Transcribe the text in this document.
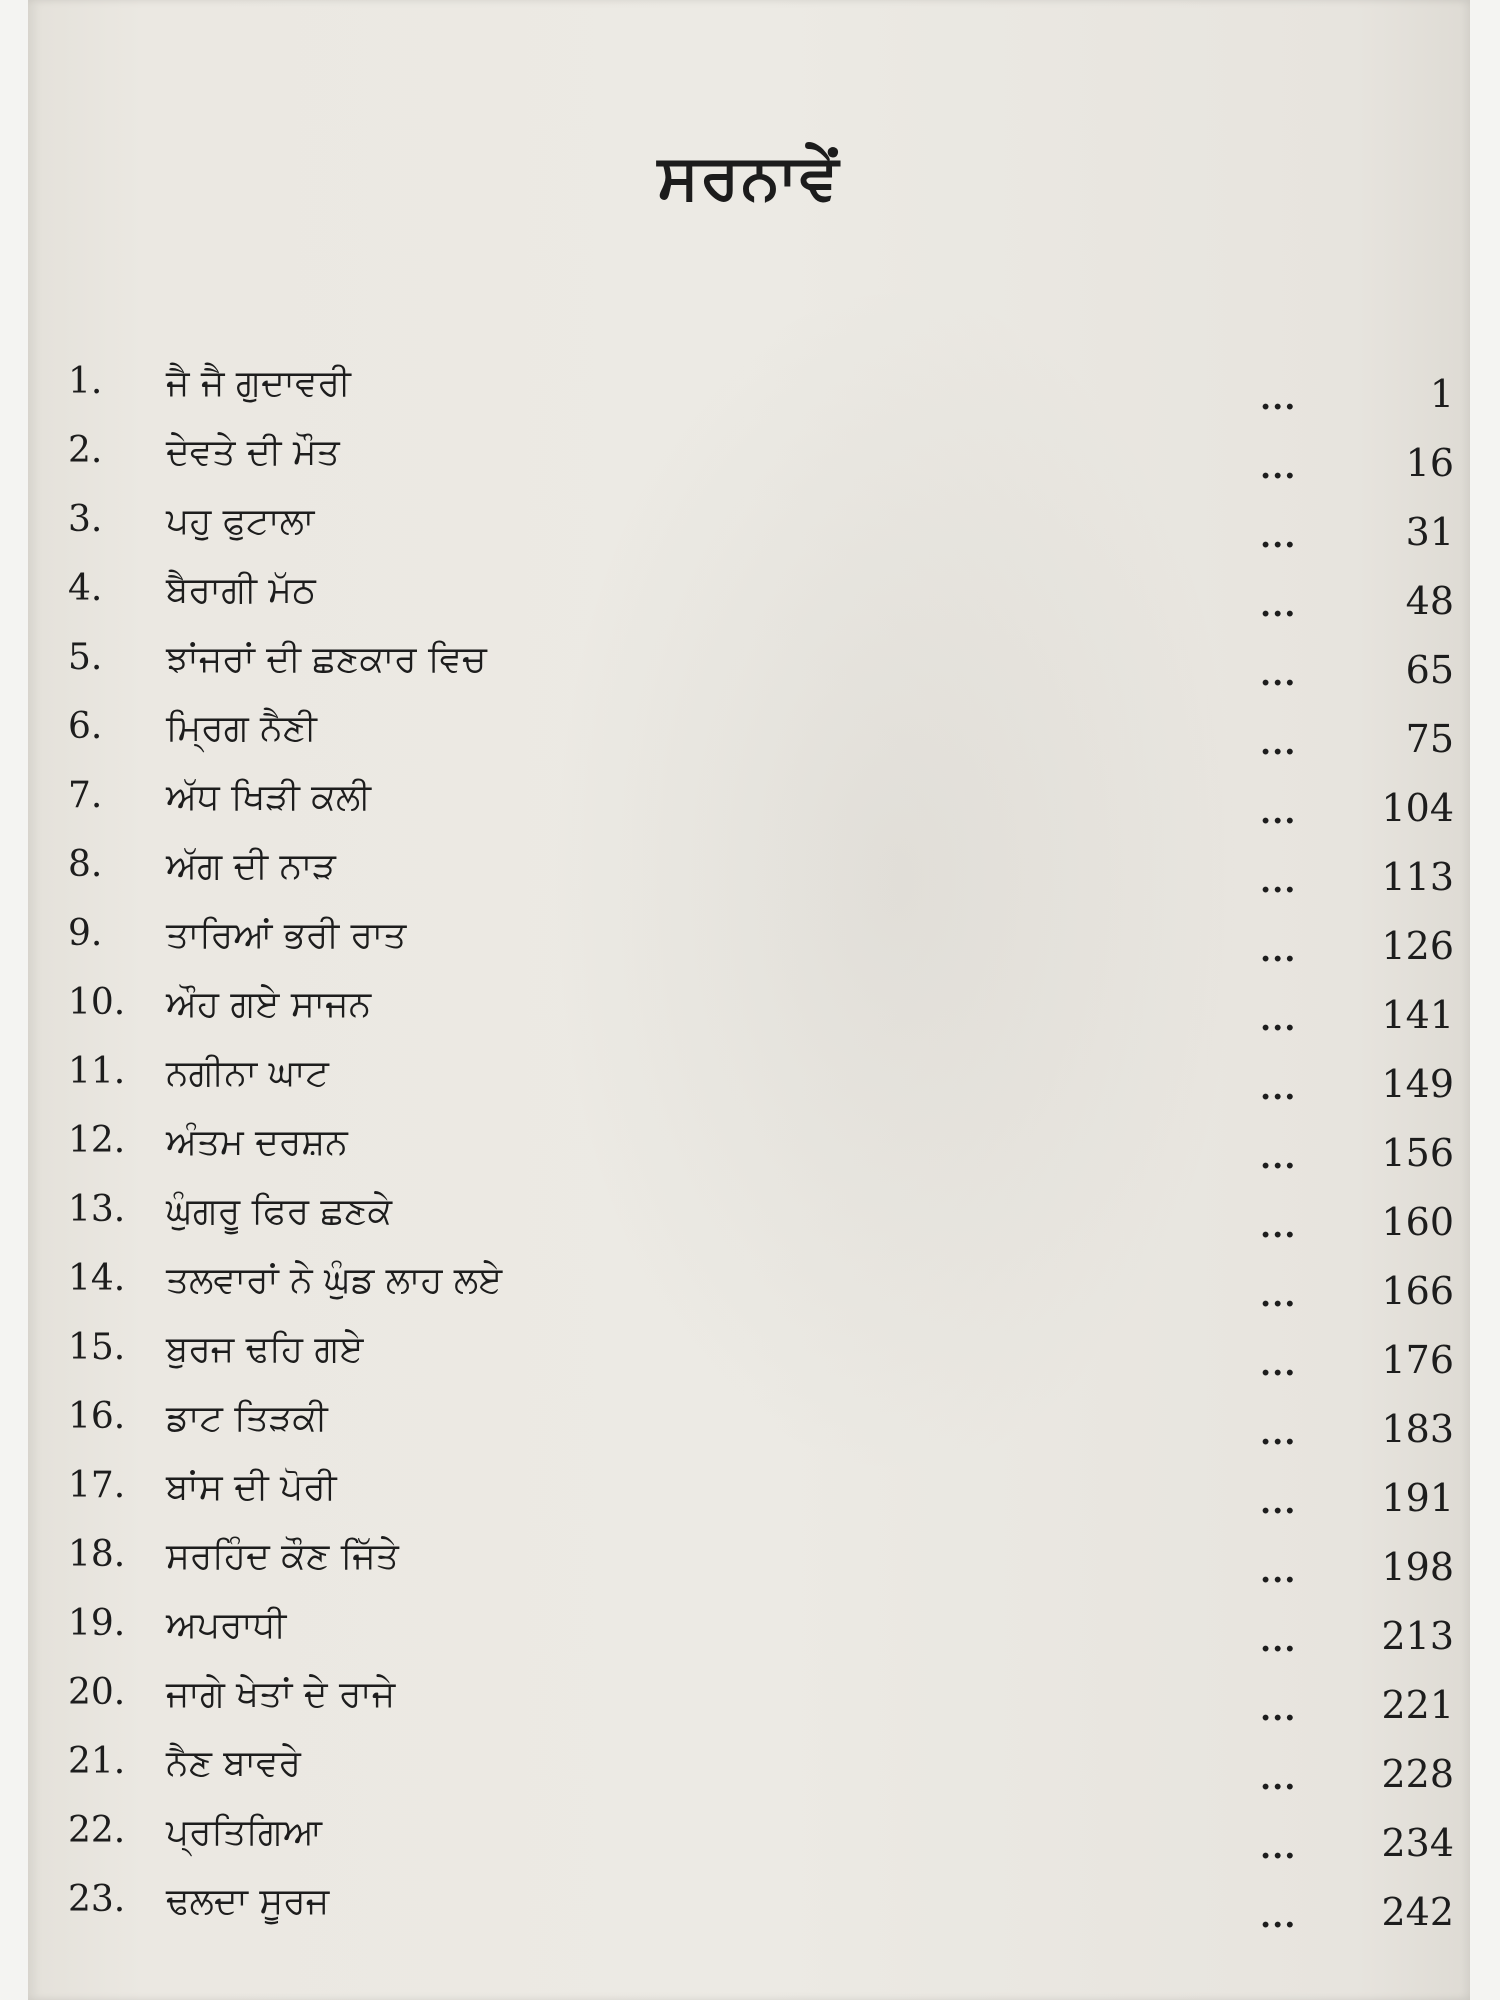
ਸਰਨਾਵੇਂ
1.	ਜੈ ਜੈ ਗੁਦਾਵਰੀ	...	1
2.	ਦੇਵਤੇ ਦੀ ਮੌਤ	...	16
3.	ਪਹੁ ਫੁਟਾਲਾ	...	31
4.	ਬੈਰਾਗੀ ਮੱਠ	...	48
5.	ਝਾਂਜਰਾਂ ਦੀ ਛਣਕਾਰ ਵਿਚ	...	65
6.	ਮ੍ਰਿਗ ਨੈਣੀ	...	75
7.	ਅੱਧ ਖਿੜੀ ਕਲੀ	... 104
8.	ਅੱਗ ਦੀ ਨਾੜ	... 113
9.	ਤਾਰਿਆਂ ਭਰੀ ਰਾਤ	... 126
10.	ਔਹ ਗਏ ਸਾਜਨ	... 141
11.	ਨਗੀਨਾ ਘਾਟ	... 149
12.	ਅੰਤਮ ਦਰਸ਼ਨ	... 156
13.	ਘੁੰਗਰੂ ਫਿਰ ਛਣਕੇ	... 160
14.	ਤਲਵਾਰਾਂ ਨੇ ਘੁੰਡ ਲਾਹ ਲਏ	... 166
15.	ਬੁਰਜ ਢਹਿ ਗਏ	... 176
16.	ਡਾਟ ਤਿੜਕੀ	... 183
17.	ਬਾਂਸ ਦੀ ਪੋਰੀ	... 191
18.	ਸਰਹਿੰਦ ਕੌਣ ਜਿੱਤੇ	... 198
19.	ਅਪਰਾਧੀ	... 213
20.	ਜਾਗੇ ਖੇਤਾਂ ਦੇ ਰਾਜੇ	... 221
21.	ਨੈਣ ਬਾਵਰੇ	... 228
22.	ਪ੍ਰਤਿਗਿਆ	... 234
23.	ਢਲਦਾ ਸੂਰਜ	... 242
